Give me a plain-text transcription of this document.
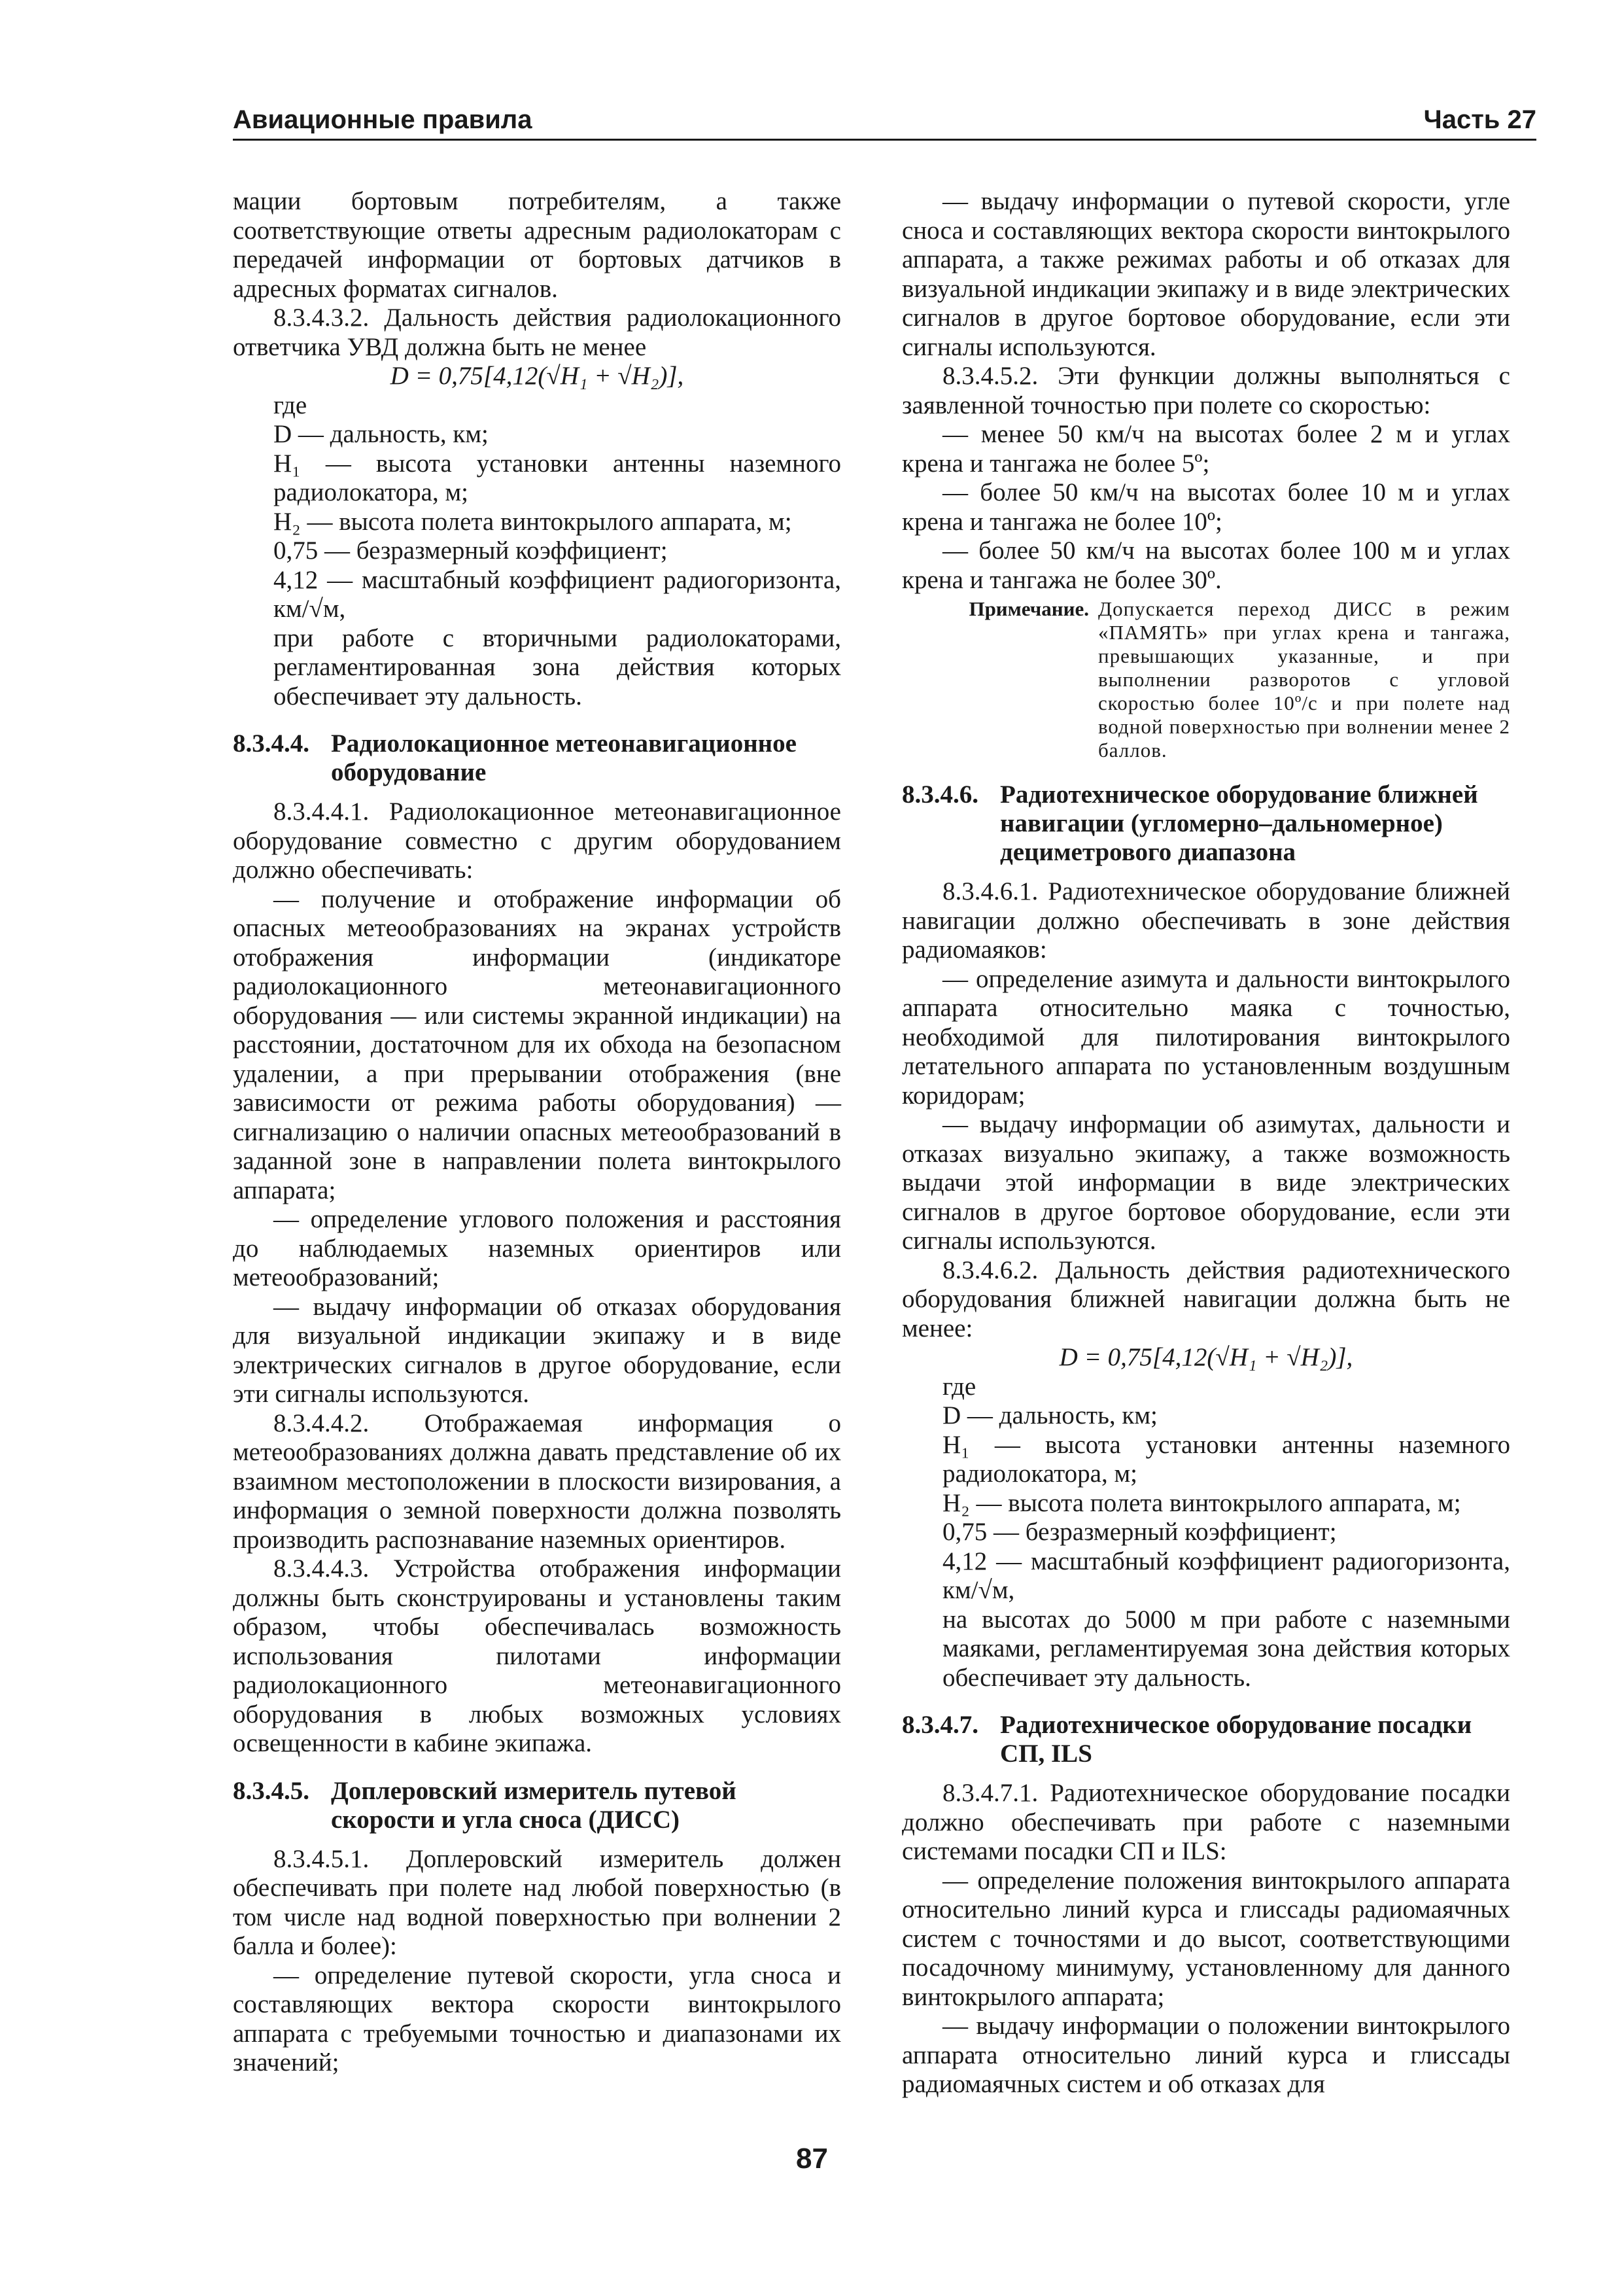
Авиационные правила	Часть 27

мации бортовым потребителям, а также соответствующие ответы адресным радиолокаторам с передачей информации от бортовых датчиков в адресных форматах сигналов.

8.3.4.3.2. Дальность действия радиолокационного ответчика УВД должна быть не менее

D = 0,75[4,12(√H₁ + √H₂)],

где

D — дальность, км;

H₁ — высота установки антенны наземного радиолокатора, м;

H₂ — высота полета винтокрылого аппарата, м;

0,75 — безразмерный коэффициент;

4,12 — масштабный коэффициент радиогоризонта, км/√м,

при работе с вторичными радиолокаторами, регламентированная зона действия которых обеспечивает эту дальность.

8.3.4.4. Радиолокационное метеонавигационное оборудование

8.3.4.4.1. Радиолокационное метеонавигационное оборудование совместно с другим оборудованием должно обеспечивать:

— получение и отображение информации об опасных метеообразованиях на экранах устройств отображения информации (индикаторе радиолокационного метеонавигационного оборудования — или системы экранной индикации) на расстоянии, достаточном для их обхода на безопасном удалении, а при прерывании отображения (вне зависимости от режима работы оборудования) — сигнализацию о наличии опасных метеообразований в заданной зоне в направлении полета винтокрылого аппарата;

— определение углового положения и расстояния до наблюдаемых наземных ориентиров или метеообразований;

— выдачу информации об отказах оборудования для визуальной индикации экипажу и в виде электрических сигналов в другое оборудование, если эти сигналы используются.

8.3.4.4.2. Отображаемая информация о метеообразованиях должна давать представление об их взаимном местоположении в плоскости визирования, а информация о земной поверхности должна позволять производить распознавание наземных ориентиров.

8.3.4.4.3. Устройства отображения информации должны быть сконструированы и установлены таким образом, чтобы обеспечивалась возможность использования пилотами информации радиолокационного метеонавигационного оборудования в любых возможных условиях освещенности в кабине экипажа.

8.3.4.5. Доплеровский измеритель путевой скорости и угла сноса (ДИСС)

8.3.4.5.1. Доплеровский измеритель должен обеспечивать при полете над любой поверхностью (в том числе над водной поверхностью при волнении 2 балла и более):

— определение путевой скорости, угла сноса и составляющих вектора скорости винтокрылого аппарата с требуемыми точностью и диапазонами их значений;

— выдачу информации о путевой скорости, угле сноса и составляющих вектора скорости винтокрылого аппарата, а также режимах работы и об отказах для визуальной индикации экипажу и в виде электрических сигналов в другое бортовое оборудование, если эти сигналы используются.

8.3.4.5.2. Эти функции должны выполняться с заявленной точностью при полете со скоростью:

— менее 50 км/ч на высотах более 2 м и углах крена и тангажа не более 5º;

— более 50 км/ч на высотах более 10 м и углах крена и тангажа не более 10º;

— более 50 км/ч на высотах более 100 м и углах крена и тангажа не более 30º.

Примечание. Допускается переход ДИСС в режим «ПАМЯТЬ» при углах крена и тангажа, превышающих указанные, и при выполнении разворотов с угловой скоростью более 10º/с и при полете над водной поверхностью при волнении менее 2 баллов.
8.3.4.6. Радиотехническое оборудование ближней навигации (угломерно–дальномерное) дециметрового диапазона

8.3.4.6.1. Радиотехническое оборудование ближней навигации должно обеспечивать в зоне действия радиомаяков:

— определение азимута и дальности винтокрылого аппарата относительно маяка с точностью, необходимой для пилотирования винтокрылого летательного аппарата по установленным воздушным коридорам;

— выдачу информации об азимутах, дальности и отказах визуально экипажу, а также возможность выдачи этой информации в виде электрических сигналов в другое бортовое оборудование, если эти сигналы используются.

8.3.4.6.2. Дальность действия радиотехнического оборудования ближней навигации должна быть не менее:

D = 0,75[4,12(√H₁ + √H₂)],

где

D — дальность, км;

H₁ — высота установки антенны наземного радиолокатора, м;

H₂ — высота полета винтокрылого аппарата, м;

0,75 — безразмерный коэффициент;

4,12 — масштабный коэффициент радиогоризонта, км/√м,

на высотах до 5000 м при работе с наземными маяками, регламентируемая зона действия которых обеспечивает эту дальность.

8.3.4.7. Радиотехническое оборудование посадки СП, ILS

8.3.4.7.1. Радиотехническое оборудование посадки должно обеспечивать при работе с наземными системами посадки СП и ILS:

— определение положения винтокрылого аппарата относительно линий курса и глиссады радиомаячных систем с точностями и до высот, соответствующими посадочному минимуму, установленному для данного винтокрылого аппарата;

— выдачу информации о положении винтокрылого аппарата относительно линий курса и глиссады радиомаячных систем и об отказах для

87
